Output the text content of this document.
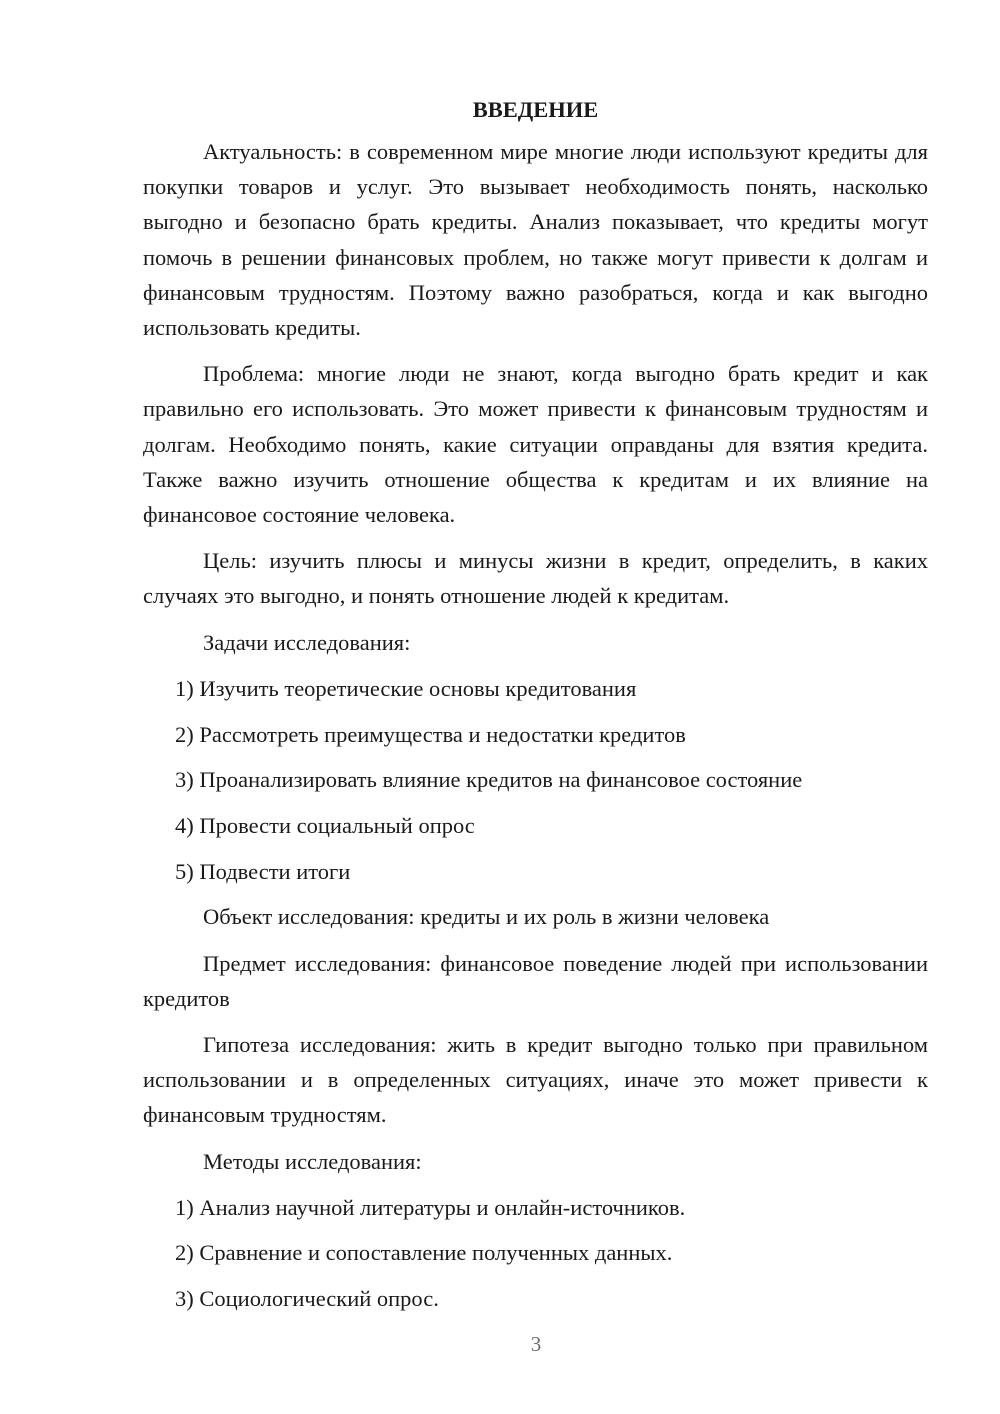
ВВЕДЕНИЕ

Актуальность: в современном мире многие люди используют кредиты для покупки товаров и услуг. Это вызывает необходимость понять, насколько выгодно и безопасно брать кредиты. Анализ показывает, что кредиты могут помочь в решении финансовых проблем, но также могут привести к долгам и финансовым трудностям. Поэтому важно разобраться, когда и как выгодно использовать кредиты.

Проблема: многие люди не знают, когда выгодно брать кредит и как правильно его использовать. Это может привести к финансовым трудностям и долгам. Необходимо понять, какие ситуации оправданы для взятия кредита. Также важно изучить отношение общества к кредитам и их влияние на финансовое состояние человека.

Цель: изучить плюсы и минусы жизни в кредит, определить, в каких случаях это выгодно, и понять отношение людей к кредитам.

Задачи исследования:

1) Изучить теоретические основы кредитования

2) Рассмотреть преимущества и недостатки кредитов

3) Проанализировать влияние кредитов на финансовое состояние

4) Провести социальный опрос

5) Подвести итоги

Объект исследования: кредиты и их роль в жизни человека

Предмет исследования: финансовое поведение людей при использовании кредитов

Гипотеза исследования: жить в кредит выгодно только при правильном использовании и в определенных ситуациях, иначе это может привести к финансовым трудностям.

Методы исследования:

1) Анализ научной литературы и онлайн-источников.

2) Сравнение и сопоставление полученных данных.

3) Социологический опрос.

3
